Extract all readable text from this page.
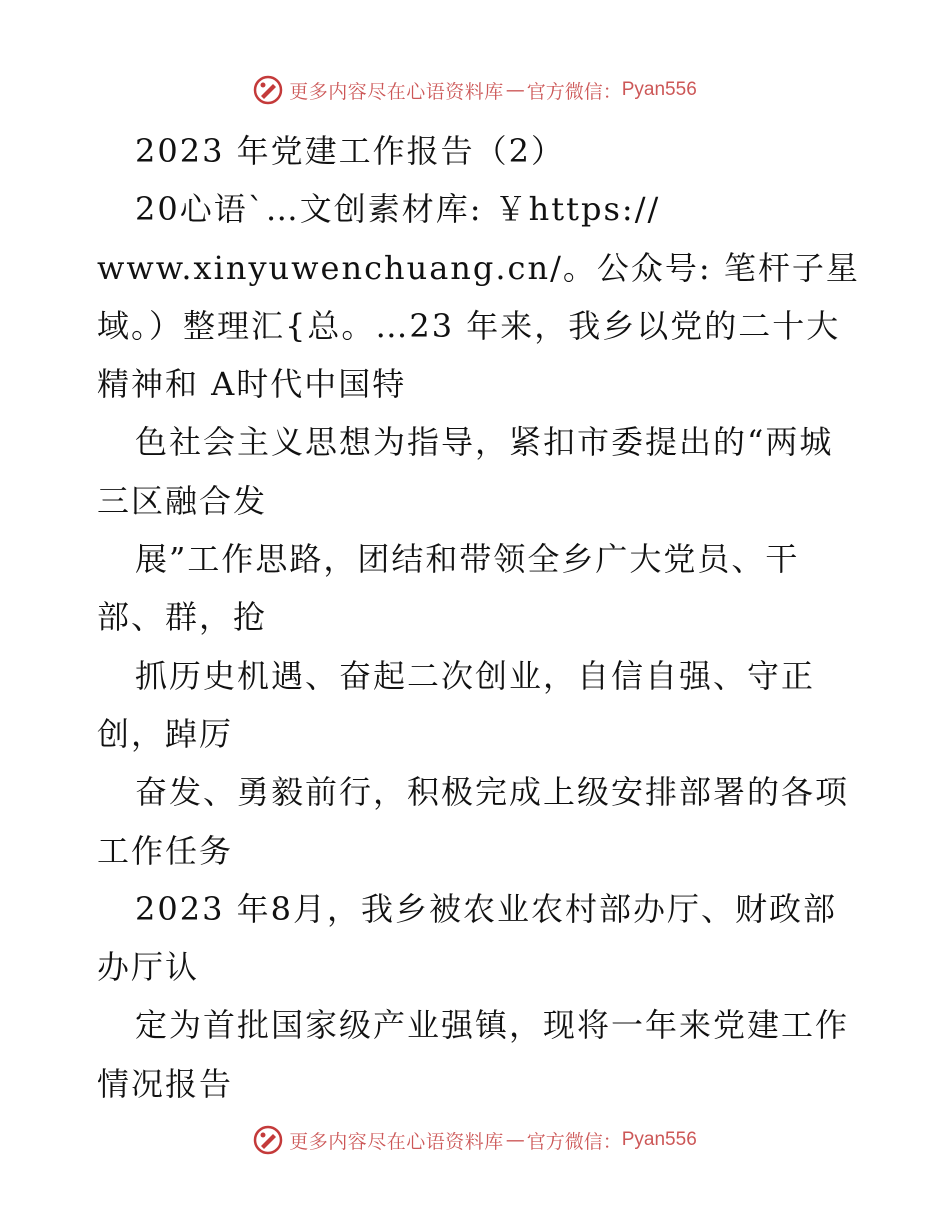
更多内容尽在心语资料库 — 官方微信： Pyan556
2023 年党建工作报告（2）
20心语`…文创素材库: ￥https://
www.xinyuwenchuang.cn/。公众号: 笔杆子星
域。）整理汇{总。…23 年来，我乡以党的二十大
精神和 A时代中国特
色社会主义思想为指导，紧扣市委提出的“两城
三区融合发
展”工作思路，团结和带领全乡广大党员、干
部、群，抢
抓历史机遇、奋起二次创业，自信自强、守正
创，踔厉
奋发、勇毅前行，积极完成上级安排部署的各项
工作任务
2023 年8月，我乡被农业农村部办厅、财政部
办厅认
定为首批国家级产业强镇，现将一年来党建工作
情况报告
更多内容尽在心语资料库 — 官方微信： Pyan556
